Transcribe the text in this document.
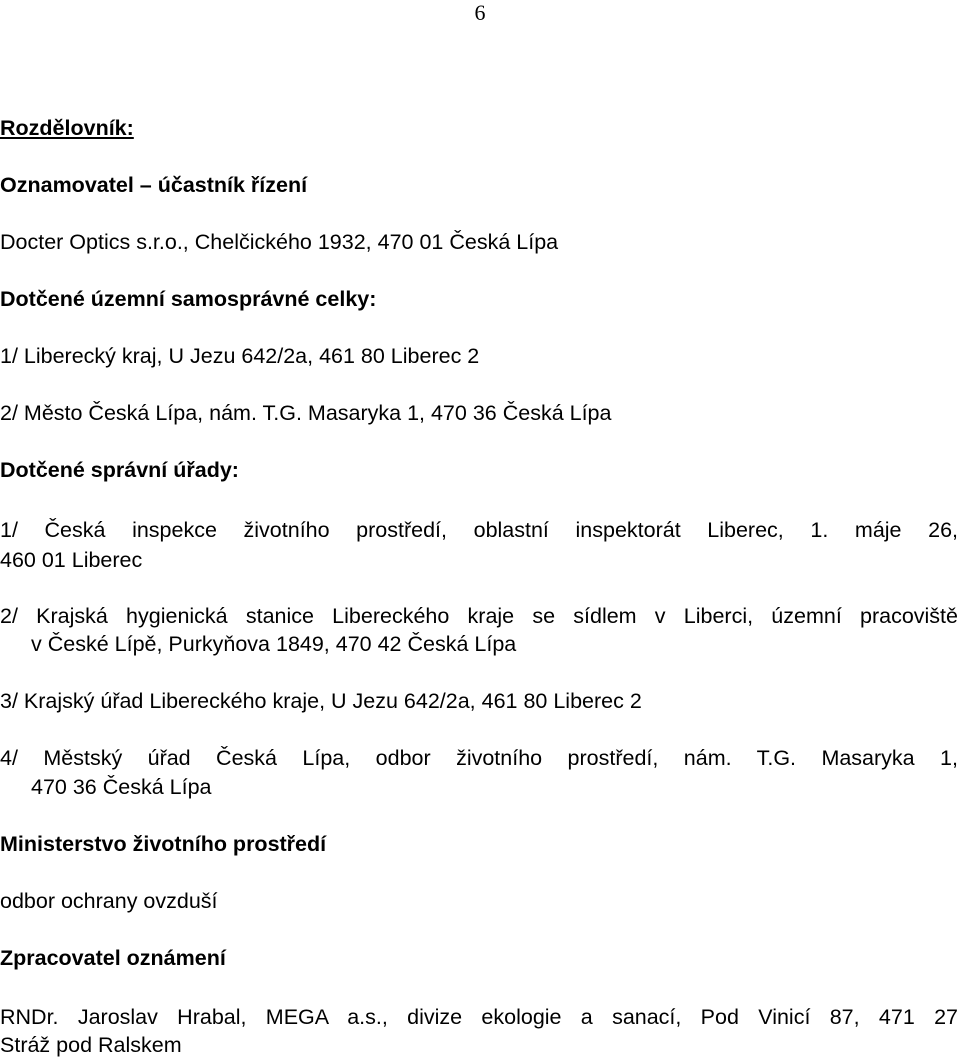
6
Rozdělovník:
Oznamovatel – účastník řízení
Docter Optics s.r.o., Chelčického 1932, 470 01 Česká Lípa
Dotčené územní samosprávné celky:
1/ Liberecký kraj, U Jezu 642/2a, 461 80 Liberec 2
2/ Město Česká Lípa, nám. T.G. Masaryka 1, 470 36 Česká Lípa
Dotčené správní úřady:
1/ Česká inspekce životního prostředí, oblastní inspektorát Liberec, 1. máje 26,
460 01 Liberec
2/ Krajská hygienická stanice Libereckého kraje se sídlem v Liberci, územní pracoviště
v České Lípě, Purkyňova 1849, 470 42 Česká Lípa
3/ Krajský úřad Libereckého kraje, U Jezu 642/2a, 461 80 Liberec 2
4/ Městský úřad Česká Lípa, odbor životního prostředí, nám. T.G. Masaryka 1,
470 36 Česká Lípa
Ministerstvo životního prostředí
odbor ochrany ovzduší
Zpracovatel oznámení
RNDr. Jaroslav Hrabal, MEGA a.s., divize ekologie a sanací, Pod Vinicí 87, 471 27
Stráž pod Ralskem
